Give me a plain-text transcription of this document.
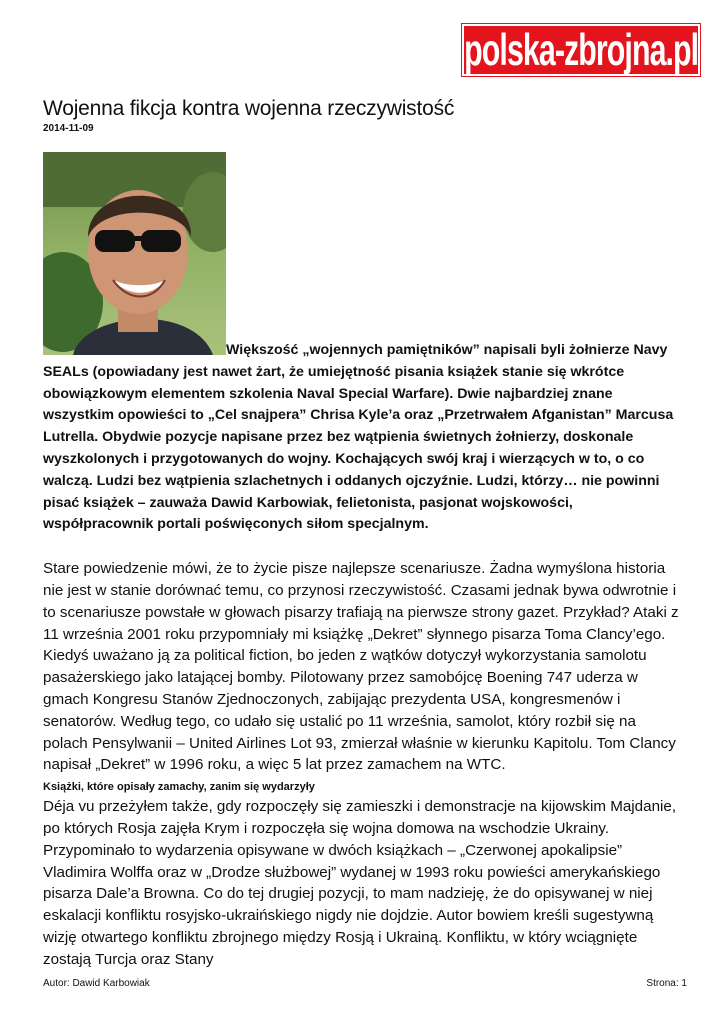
polska-zbrojna.pl
Wojenna fikcja kontra wojenna rzeczywistość
2014-11-09

Większość „wojennych pamiętników” napisali byli żołnierze Navy SEALs (opowiadany jest nawet żart, że umiejętność pisania książek stanie się wkrótce obowiązkowym elementem szkolenia Naval Special Warfare). Dwie najbardziej znane wszystkim opowieści to „Cel snajpera” Chrisa Kyle’a oraz „Przetrwałem Afganistan” Marcusa Lutrella. Obydwie pozycje napisane przez bez wątpienia świetnych żołnierzy, doskonale wyszkolonych i przygotowanych do wojny. Kochających swój kraj i wierzących w to, o co walczą. Ludzi bez wątpienia szlachetnych i oddanych ojczyźnie. Ludzi, którzy… nie powinni pisać książek – zauważa Dawid Karbowiak, felietonista, pasjonat wojskowości, współpracownik portali poświęconych siłom specjalnym.

Stare powiedzenie mówi, że to życie pisze najlepsze scenariusze. Żadna wymyślona historia nie jest w stanie dorównać temu, co przynosi rzeczywistość. Czasami jednak bywa odwrotnie i to scenariusze powstałe w głowach pisarzy trafiają na pierwsze strony gazet. Przykład? Ataki z 11 września 2001 roku przypomniały mi książkę „Dekret” słynnego pisarza Toma Clancy’ego. Kiedyś uważano ją za political fiction, bo jeden z wątków dotyczył wykorzystania samolotu pasażerskiego jako latającej bomby. Pilotowany przez samobójcę Boening 747 uderza w gmach Kongresu Stanów Zjednoczonych, zabijając prezydenta USA, kongresmenów i senatorów. Według tego, co udało się ustalić po 11 września, samolot, który rozbił się na polach Pensylwanii – United Airlines Lot 93, zmierzał właśnie w kierunku Kapitolu. Tom Clancy napisał „Dekret” w 1996 roku, a więc 5 lat przez zamachem na WTC.

Książki, które opisały zamachy, zanim się wydarzyły

Déja vu przeżyłem także, gdy rozpoczęły się zamieszki i demonstracje na kijowskim Majdanie, po których Rosja zajęła Krym i rozpoczęła się wojna domowa na wschodzie Ukrainy. Przypominało to wydarzenia opisywane w dwóch książkach – „Czerwonej apokalipsie” Vladimira Wolffa oraz w „Drodze służbowej” wydanej w 1993 roku powieści amerykańskiego pisarza Dale’a Browna. Co do tej drugiej pozycji, to mam nadzieję, że do opisywanej w niej eskalacji konfliktu rosyjsko-ukraińskiego nigdy nie dojdzie. Autor bowiem kreśli sugestywną wizję otwartego konfliktu zbrojnego między Rosją i Ukrainą. Konfliktu, w który wciągnięte zostają Turcja oraz Stany

Autor: Dawid Karbowiak	Strona: 1
